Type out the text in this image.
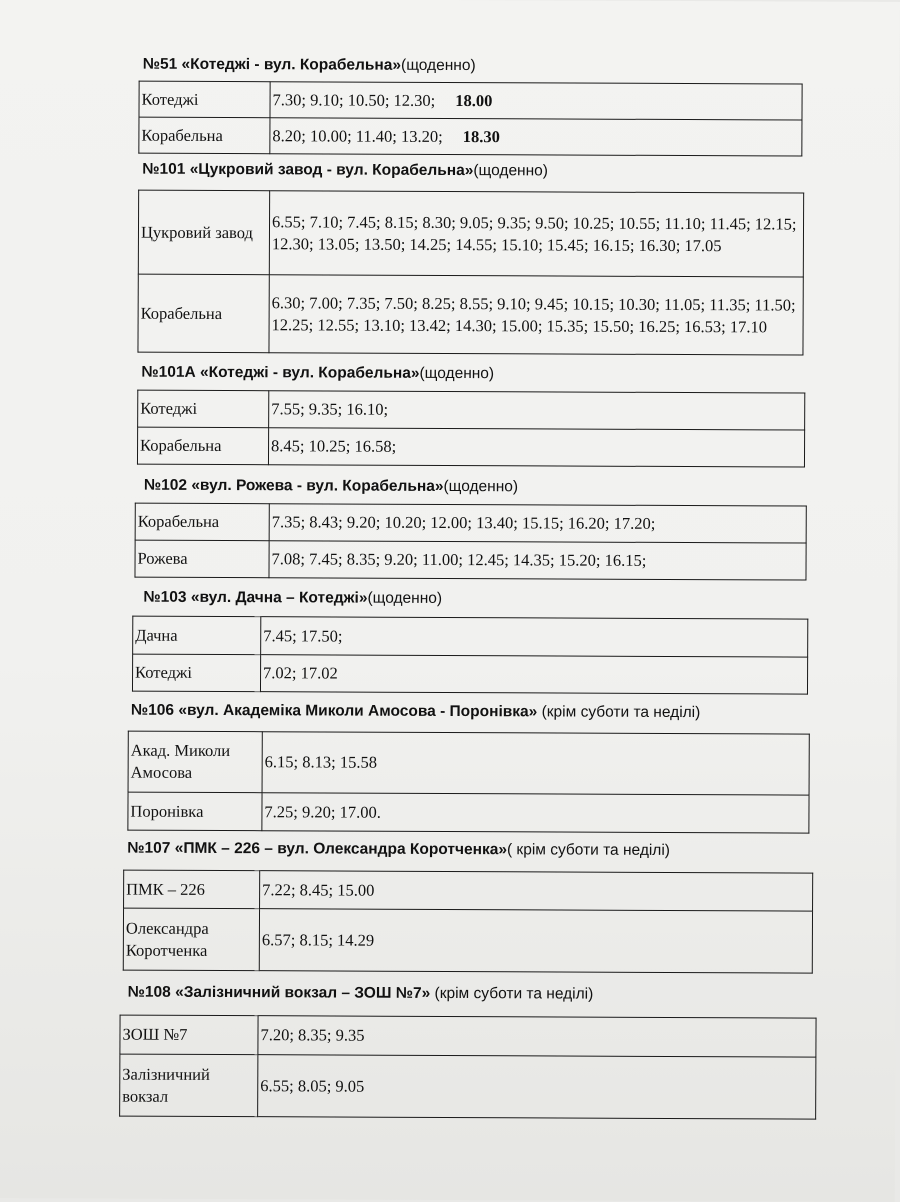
№51 «Котеджі - вул. Корабельна»(щоденно)
Котеджі	7.30; 9.10; 10.50; 12.30; 18.00
Корабельна	8.20; 10.00; 11.40; 13.20; 18.30
№101 «Цукровий завод - вул. Корабельна»(щоденно)
Цукровий завод	6.55; 7.10; 7.45; 8.15; 8.30; 9.05; 9.35; 9.50; 10.25; 10.55; 11.10; 11.45; 12.15; 12.30; 13.05; 13.50; 14.25; 14.55; 15.10; 15.45; 16.15; 16.30; 17.05
Корабельна	6.30; 7.00; 7.35; 7.50; 8.25; 8.55; 9.10; 9.45; 10.15; 10.30; 11.05; 11.35; 11.50; 12.25; 12.55; 13.10; 13.42; 14.30; 15.00; 15.35; 15.50; 16.25; 16.53; 17.10
№101А «Котеджі - вул. Корабельна»(щоденно)
Котеджі	7.55; 9.35; 16.10;
Корабельна	8.45; 10.25; 16.58;
№102 «вул. Рожева - вул. Корабельна»(щоденно)
Корабельна	7.35; 8.43; 9.20; 10.20; 12.00; 13.40; 15.15; 16.20; 17.20;
Рожева	7.08; 7.45; 8.35; 9.20; 11.00; 12.45; 14.35; 15.20; 16.15;
№103 «вул. Дачна – Котеджі»(щоденно)
Дачна	7.45; 17.50;
Котеджі	7.02; 17.02
№106 «вул. Академіка Миколи Амосова - Поронівка» (крім суботи та неділі)
Акад. Миколи Амосова	6.15; 8.13; 15.58
Поронівка	7.25; 9.20; 17.00.
№107 «ПМК – 226 – вул. Олександра Коротченка»( крім суботи та неділі)
ПМК – 226	7.22; 8.45; 15.00
Олександра Коротченка	6.57; 8.15; 14.29
№108 «Залізничний вокзал – ЗОШ №7» (крім суботи та неділі)
ЗОШ №7	7.20; 8.35; 9.35
Залізничний вокзал	6.55; 8.05; 9.05
